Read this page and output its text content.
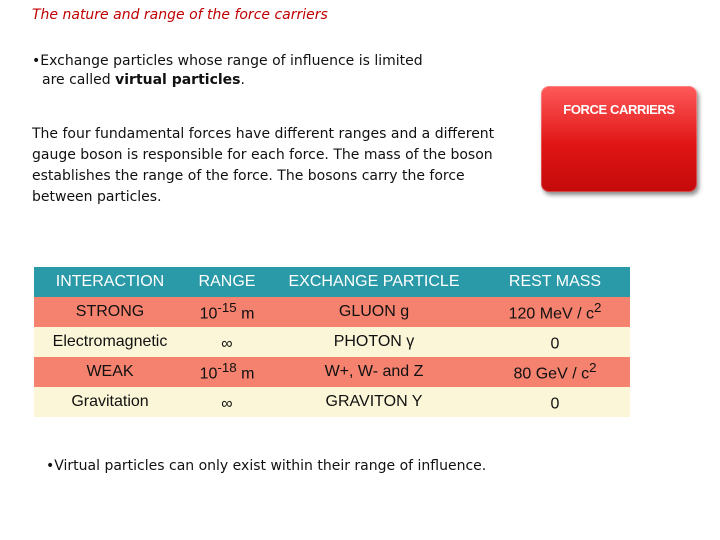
The nature and range of the force carriers
•Exchange particles whose range of influence is limited
are called virtual particles.
The four fundamental forces have different ranges and a different gauge boson is responsible for each force. The mass of the boson establishes the range of the force. The bosons carry the force between particles.
FORCE CARRIERS
INTERACTION	RANGE	EXCHANGE PARTICLE	REST MASS
STRONG	$10^{-15}$ m	GLUON g	120 MeV / $c^2$
Electromagnetic	∞	PHOTON γ	0
WEAK	$10^{-18}$ m	W+, W- and Z	80 GeV / $c^2$
Gravitation	∞	GRAVITON Y	0
•Virtual particles can only exist within their range of influence.
